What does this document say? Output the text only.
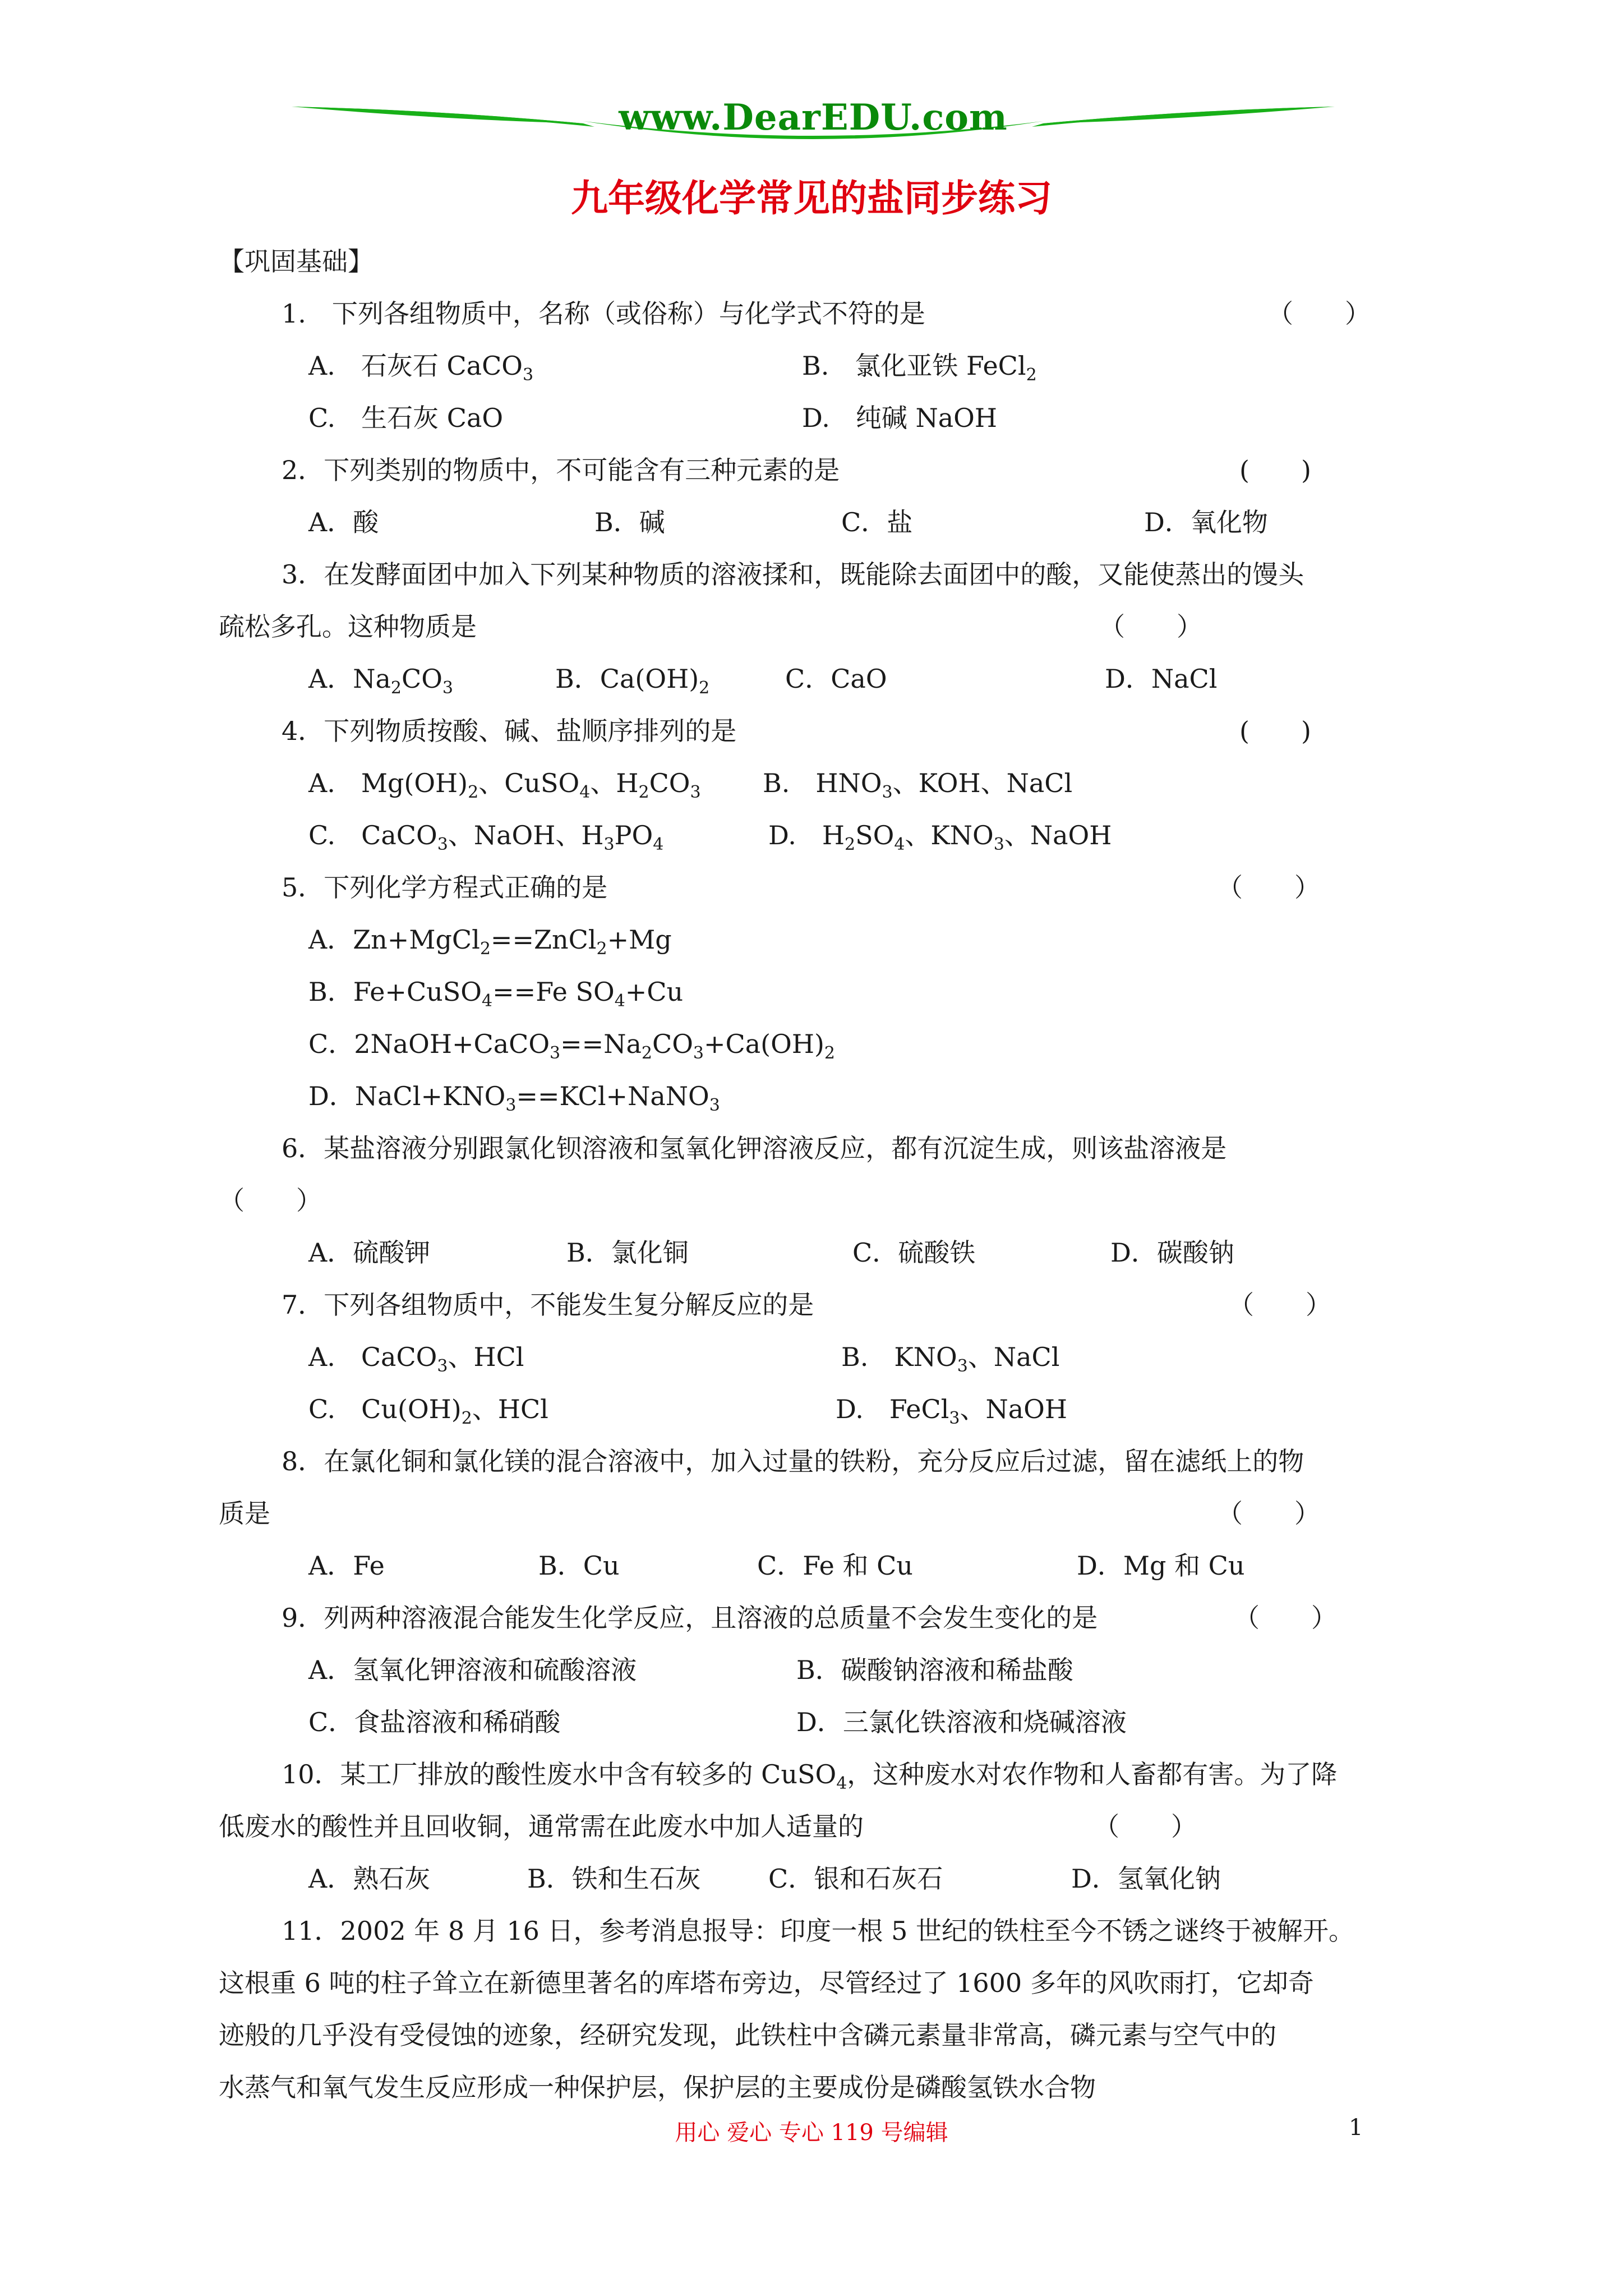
www.DearEDU.com
九年级化学常见的盐同步练习
【巩固基础】
1.　下列各组物质中，名称（或俗称）与化学式不符的是	（　　）
A.　石灰石 CaCO$_3$	B.　氯化亚铁 FeCl$_2$
C.　生石灰 CaO	D.　纯碱 NaOH
2．下列类别的物质中，不可能含有三种元素的是	(　　)
A．酸	B．碱	C．盐	D．氧化物
3．在发酵面团中加入下列某种物质的溶液揉和，既能除去面团中的酸，又能使蒸出的馒头
疏松多孔。这种物质是	（　　）
A．$Na_2CO_3$	B．$Ca(OH)_2$	C．CaO	D．NaCl
4．下列物质按酸、碱、盐顺序排列的是	(　　)
A.　$Mg(OH)_2$、CuSO$_4$、$H_2CO_3$ B.　$HNO_3$、KOH、NaCl
C.　CaCO$_3$、NaOH、$H_3PO_4$	D.　$H_2SO_4$、$KNO_3$、NaOH
5．下列化学方程式正确的是	（　　）
A．Zn+MgCl$_2$==ZnCl$_2$+Mg
B．Fe+CuSO$_4$==Fe $SO_4+Cu$
C．$2NaOH+CaCO_3==Na_2CO_3+Ca(OH)_2$
D．$NaCl+KNO_3==KCl+NaNO_3$
6．某盐溶液分别跟氯化钡溶液和氢氧化钾溶液反应，都有沉淀生成，则该盐溶液是
（　　）
A．硫酸钾	B．氯化铜	C．硫酸铁	D．碳酸钠
7．下列各组物质中，不能发生复分解反应的是	（　　）
A.　CaCO$_3$、HCl	B.　$KNO_3$、NaCl
C.　$Cu(OH)_2$、HCl	D.　FeCl$_3$、NaOH
8．在氯化铜和氯化镁的混合溶液中，加入过量的铁粉，充分反应后过滤，留在滤纸上的物
质是	（　　）
A．Fe	B．Cu	C．Fe 和 Cu	D．Mg 和 Cu
9．列两种溶液混合能发生化学反应，且溶液的总质量不会发生变化的是	（　　）
A．氢氧化钾溶液和硫酸溶液	B．碳酸钠溶液和稀盐酸
C．食盐溶液和稀硝酸	D．三氯化铁溶液和烧碱溶液
10．某工厂排放的酸性废水中含有较多的 CuSO$_4$，这种废水对农作物和人畜都有害。为了降
低废水的酸性并且回收铜，通常需在此废水中加人适量的	（　　）
A．熟石灰	B．铁和生石灰	C．银和石灰石	D．氢氧化钠
11．2002 年 8 月 16 日，参考消息报导：印度一根 5 世纪的铁柱至今不锈之谜终于被解开。
这根重 6 吨的柱子耸立在新德里著名的库塔布旁边，尽管经过了 1600 多年的风吹雨打，它却奇
迹般的几乎没有受侵蚀的迹象，经研究发现，此铁柱中含磷元素量非常高，磷元素与空气中的
水蒸气和氧气发生反应形成一种保护层，保护层的主要成份是磷酸氢铁水合物
用心 爱心 专心 119 号编辑	1
